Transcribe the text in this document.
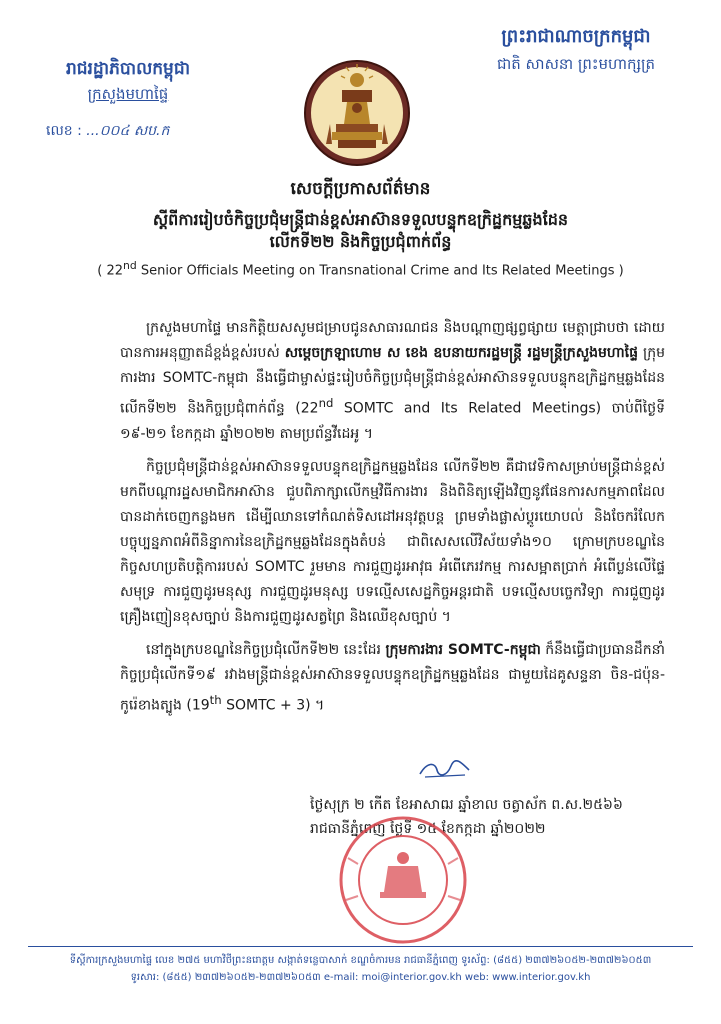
រាជរដ្ឋាភិបាលកម្ពុជា
ក្រសួងមហាផ្ទៃ
លេខ : ...០០៤ សប.ក
ព្រះរាជាណាចក្រកម្ពុជា
ជាតិ សាសនា ព្រះមហាក្សត្រ
សេចក្តីប្រកាសព័ត៌មាន
ស្តីពីការរៀបចំកិច្ចប្រជុំមន្ត្រីជាន់ខ្ពស់អាស៊ានទទួលបន្ទុកឧក្រិដ្ឋកម្មឆ្លងដែន
លើកទី២២ និងកិច្ចប្រជុំពាក់ព័ន្ធ
( 22nd Senior Officials Meeting on Transnational Crime and Its Related Meetings )

ក្រសួងមហាផ្ទៃ មានកិត្តិយសសូមជម្រាបជូនសាធារណជន និងបណ្តាញផ្សព្វផ្សាយ មេត្តាជ្រាបថា ដោយបានការអនុញ្ញាតដ៏ខ្ពង់ខ្ពស់របស់ សម្តេចក្រឡាហោម ស ខេង ឧបនាយករដ្ឋមន្ត្រី រដ្ឋមន្ត្រីក្រសួងមហាផ្ទៃ ក្រុមការងារ SOMTC-កម្ពុជា នឹងធ្វើជាម្ចាស់ផ្ទះរៀបចំកិច្ចប្រជុំមន្ត្រីជាន់ខ្ពស់អាស៊ានទទួលបន្ទុកឧក្រិដ្ឋកម្មឆ្លងដែន លើកទី២២ និងកិច្ចប្រជុំពាក់ព័ន្ធ (22nd SOMTC and Its Related Meetings) ចាប់ពីថ្ងៃទី ១៩-២១ ខែកក្កដា ឆ្នាំ២០២២ តាមប្រព័ន្ធវីដេអូ ។

កិច្ចប្រជុំមន្ត្រីជាន់ខ្ពស់អាស៊ានទទួលបន្ទុកឧក្រិដ្ឋកម្មឆ្លងដែន លើកទី២២ គឺជាវេទិកាសម្រាប់មន្ត្រីជាន់ខ្ពស់មកពីបណ្តារដ្ឋសមាជិកអាស៊ាន ជួបពិភាក្សាលើកម្មវិធីការងារ និងពិនិត្យឡើងវិញនូវផែនការសកម្មភាពដែលបានដាក់ចេញកន្លងមក ដើម្បីឈានទៅកំណត់ទិសដៅអនុវត្តបន្ត ព្រមទាំងផ្លាស់ប្តូរយោបល់ និងចែករំលែកបច្ចុប្បន្នភាពអំពីនិន្នាការនៃឧក្រិដ្ឋកម្មឆ្លងដែនក្នុងតំបន់ ជាពិសេសលើវិស័យទាំង១០ ក្រោមក្របខណ្ឌនៃកិច្ចសហប្រតិបត្តិការរបស់ SOMTC រួមមាន ការជួញដូរអាវុធ អំពើភេរវកម្ម ការសម្អាតប្រាក់ អំពើប្លន់លើផ្ទៃសមុទ្រ ការជួញដូរមនុស្ស ការជួញដូរមនុស្ស បទល្មើសសេដ្ឋកិច្ចអន្តរជាតិ បទល្មើសបច្ចេកវិទ្យា ការជួញដូរគ្រឿងញៀនខុសច្បាប់ និងការជួញដូរសត្វព្រៃ និងឈើខុសច្បាប់ ។

នៅក្នុងក្របខណ្ឌនៃកិច្ចប្រជុំលើកទី២២ នេះដែរ ក្រុមការងារ SOMTC-កម្ពុជា ក៏នឹងធ្វើជាប្រធានដឹកនាំកិច្ចប្រជុំលើកទី១៩ រវាងមន្ត្រីជាន់ខ្ពស់អាស៊ានទទួលបន្ទុកឧក្រិដ្ឋកម្មឆ្លងដែន ជាមួយដៃគូសន្ទនា ចិន-ជប៉ុន-កូរ៉េខាងត្បូង (19th SOMTC + 3) ។

ថ្ងៃសុក្រ ២ កើត ខែអាសាឍ ឆ្នាំខាល ចត្វាស័ក ព.ស.២៥៦៦
រាជធានីភ្នំពេញ ថ្ងៃទី ១៥ ខែកក្កដា ឆ្នាំ២០២២
ទីស្តីការក្រសួងមហាផ្ទៃ លេខ ២៧៥ មហាវិថីព្រះនរោត្តម សង្កាត់ទន្លេបាសាក់ ខណ្ឌចំការមន រាជធានីភ្នំពេញ ទូរស័ព្ទ: (៨៥៥) ២៣៧២៦០៥២-២៣៧២៦០៥៣
ទូរសារ: (៨៥៥) ២៣៧២៦០៥២-២៣៧២៦០៥៣ e-mail: moi@interior.gov.kh web: www.interior.gov.kh
